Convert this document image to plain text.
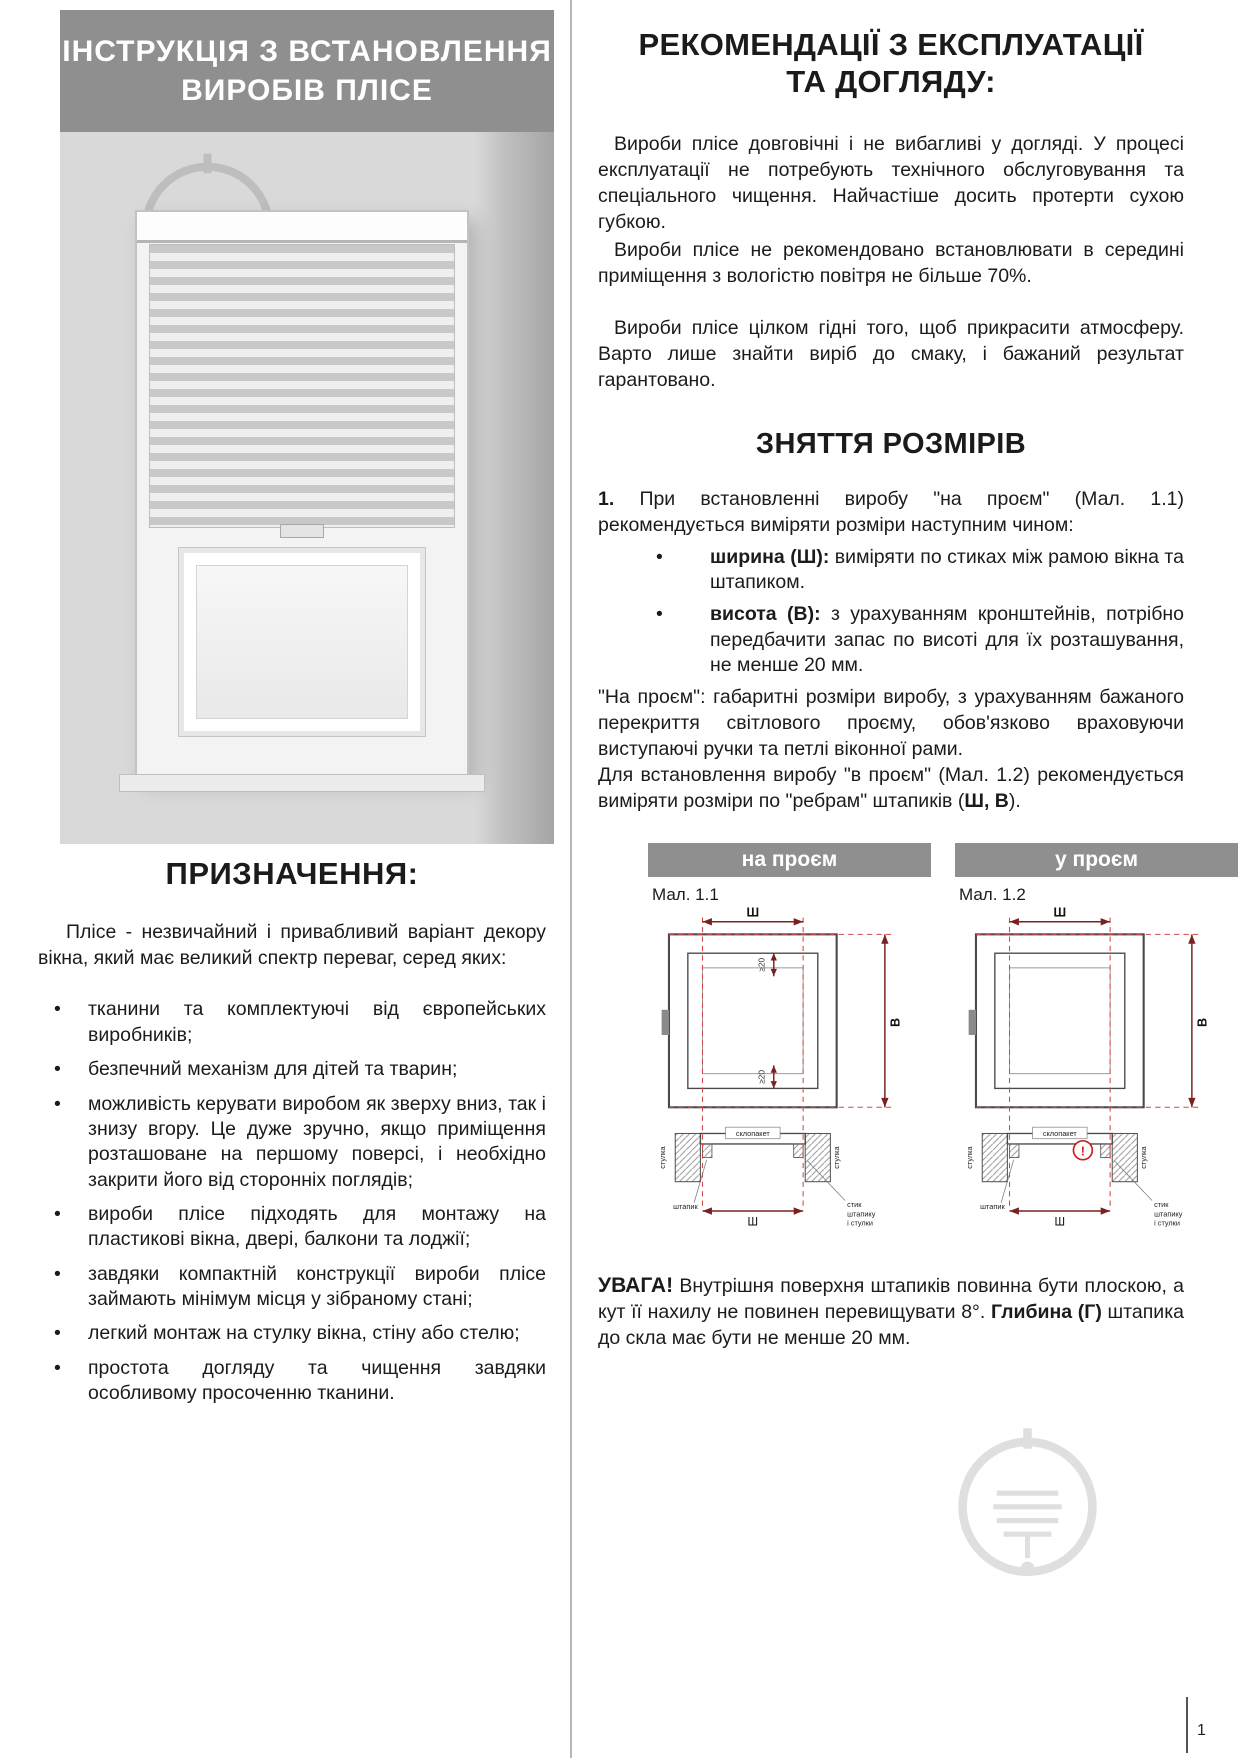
ІНСТРУКЦІЯ З ВСТАНОВЛЕННЯ
ВИРОБІВ ПЛІСЕ
ПРИЗНАЧЕННЯ:

Плісе - незвичайний і привабливий варіант декору вікна, який має великий спектр переваг, серед яких:

• тканини та комплектуючі від європейських виробників;
• безпечний механізм для дітей та тварин;
• можливість керувати виробом як зверху вниз, так і знизу вгору. Це дуже зручно, якщо приміщення розташоване на першому поверсі, і необхідно закрити його від сторонніх поглядів;
• вироби плісе підходять для монтажу на пластикові вікна, двері, балкони та лоджії;
• завдяки компактній конструкції вироби плісе займають мінімум місця у зібраному стані;
• легкий монтаж на стулку вікна, стіну або стелю;
• простота догляду та чищення завдяки особливому просоченню тканини.
РЕКОМЕНДАЦІЇ З ЕКСПЛУАТАЦІЇ
ТА ДОГЛЯДУ:

Вироби плісе довговічні і не вибагливі у догляді. У процесі експлуатації не потребують технічного обслуговування та спеціального чищення. Найчастіше досить протерти сухою губкою.

Вироби плісе не рекомендовано встановлювати в середині приміщення з вологістю повітря не більше 70%.

Вироби плісе цілком гідні того, щоб прикрасити атмосферу. Варто лише знайти виріб до смаку, і бажаний результат гарантовано.

ЗНЯТТЯ РОЗМІРІВ

1. При встановленні виробу "на проєм" (Мал. 1.1) рекомендується виміряти розміри наступним чином:

• ширина (Ш): виміряти по стиках між рамою вікна та штапиком.
• висота (В): з урахуванням кронштейнів, потрібно передбачити запас по висоті для їх розташування, не менше 20 мм.

"На проєм": габаритні розміри виробу, з урахуванням бажаного перекриття світлового проєму, обов'язково враховуючи виступаючі ручки та петлі віконної рами.

Для встановлення виробу "в проєм" (Мал. 1.2) рекомендується виміряти розміри по "ребрам" штапиків (Ш, В).

на проєм
Мал. 1.1
Ш
В
≥20
≥20
склопакет
стулка	стулка
штапик
Ш
стик
штапику
і стулки
у проєм
Мал. 1.2
Ш
В
склопакет
стулка	стулка
штапик
Ш
стик
штапику
і стулки
!

УВАГА! Внутрішня поверхня штапиків повинна бути плоскою, а кут її нахилу не повинен перевищувати 8°. Глибина (Г) штапика до скла має бути не менше 20 мм.

1
